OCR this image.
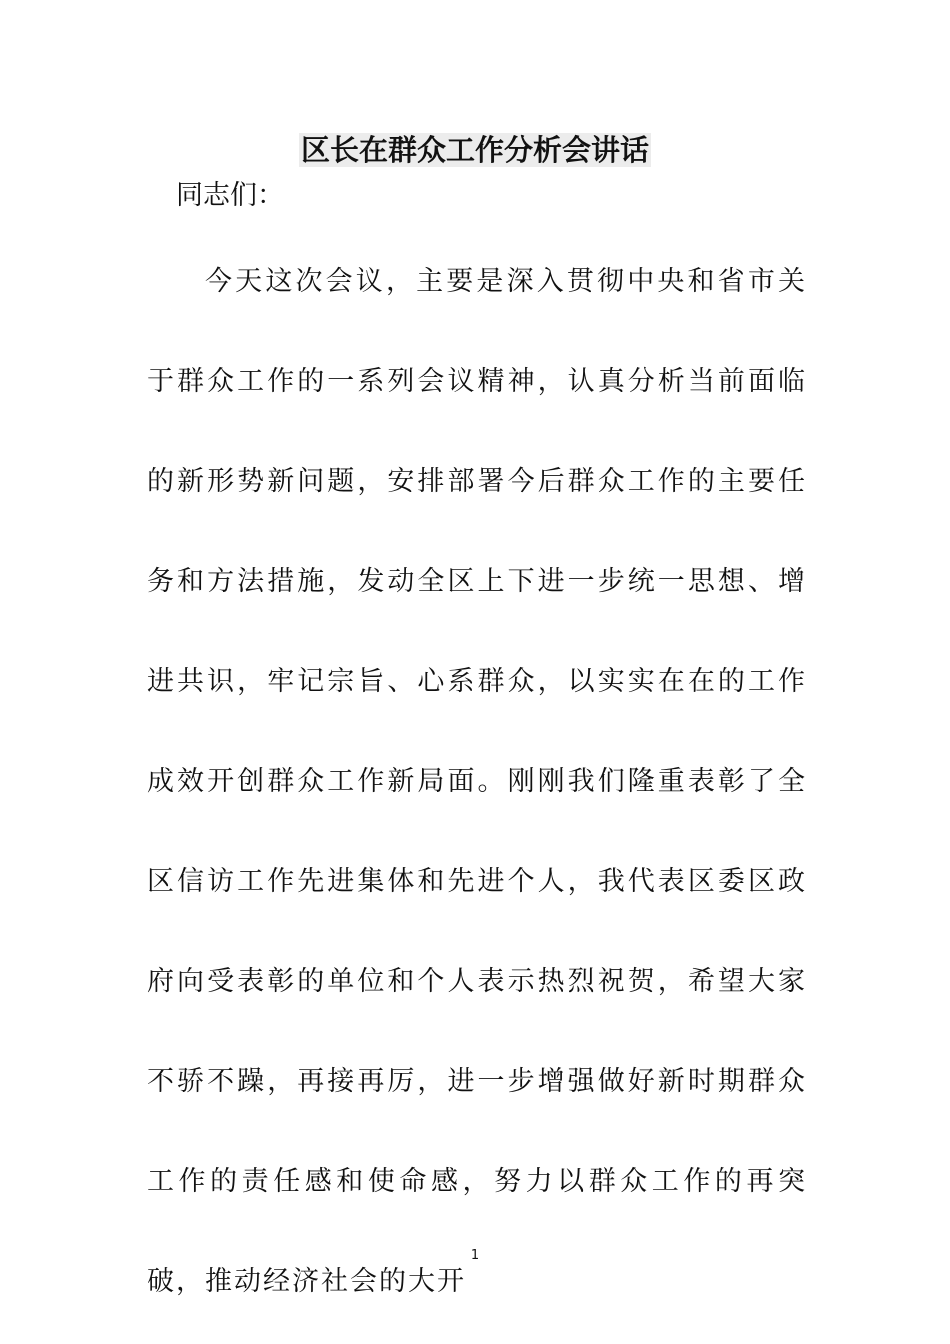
区长在群众工作分析会讲话

同志们：

今天这次会议，主要是深入贯彻中央和省市关于群众工作的一系列会议精神，认真分析当前面临的新形势新问题，安排部署今后群众工作的主要任务和方法措施，发动全区上下进一步统一思想、增进共识，牢记宗旨、心系群众，以实实在在的工作成效开创群众工作新局面。刚刚我们隆重表彰了全区信访工作先进集体和先进个人，我代表区委区政府向受表彰的单位和个人表示热烈祝贺，希望大家不骄不躁，再接再厉，进一步增强做好新时期群众工作的责任感和使命感，努力以群众工作的再突破，推动经济社会的大开

1
